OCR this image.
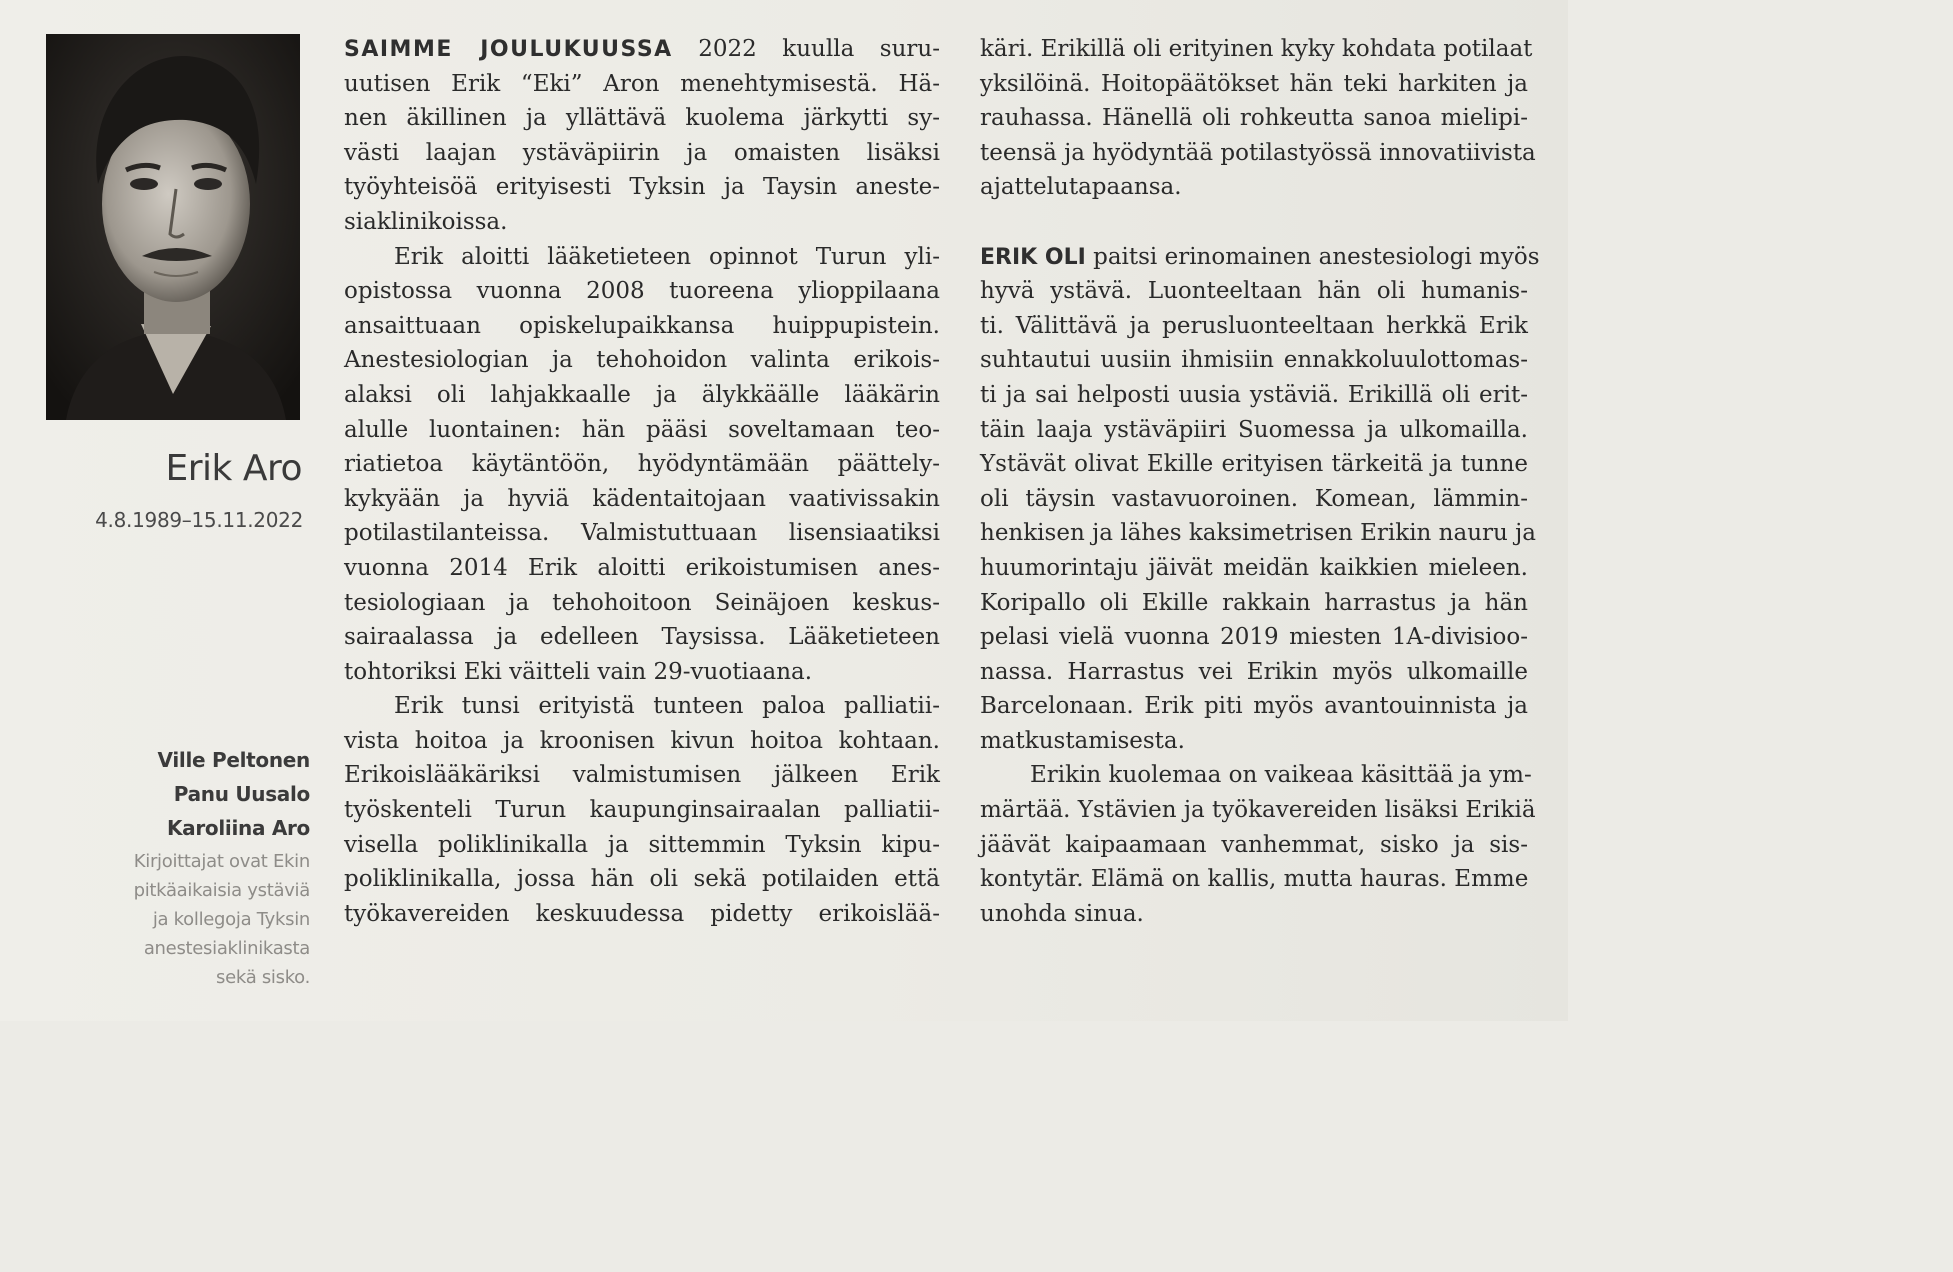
Erik Aro
4.8.1989–15.11.2022
Ville Peltonen
Panu Uusalo
Karoliina Aro
Kirjoittajat ovat Ekin
pitkäaikaisia ystäviä
ja kollegoja Tyksin
anestesiaklinikasta
sekä sisko.
SAIMME JOULUKUUSSA 2022 kuulla suru-
uutisen Erik “Eki” Aron menehtymisestä. Hä-
nen äkillinen ja yllättävä kuolema järkytti sy-
västi laajan ystäväpiirin ja omaisten lisäksi
työyhteisöä erityisesti Tyksin ja Taysin aneste-
siaklinikoissa.
Erik aloitti lääketieteen opinnot Turun yli-
opistossa vuonna 2008 tuoreena ylioppilaana
ansaittuaan opiskelupaikkansa huippupistein.
Anestesiologian ja tehohoidon valinta erikois-
alaksi oli lahjakkaalle ja älykkäälle lääkärin
alulle luontainen: hän pääsi soveltamaan teo-
riatietoa käytäntöön, hyödyntämään päättely-
kykyään ja hyviä kädentaitojaan vaativissakin
potilastilanteissa. Valmistuttuaan lisensiaatiksi
vuonna 2014 Erik aloitti erikoistumisen anes-
tesiologiaan ja tehohoitoon Seinäjoen keskus-
sairaalassa ja edelleen Taysissa. Lääketieteen
tohtoriksi Eki väitteli vain 29-vuotiaana.
Erik tunsi erityistä tunteen paloa palliatii-
vista hoitoa ja kroonisen kivun hoitoa kohtaan.
Erikoislääkäriksi valmistumisen jälkeen Erik
työskenteli Turun kaupunginsairaalan palliatii-
visella poliklinikalla ja sittemmin Tyksin kipu-
poliklinikalla, jossa hän oli sekä potilaiden että
työkavereiden keskuudessa pidetty erikoislää-
käri. Erikillä oli erityinen kyky kohdata potilaat
yksilöinä. Hoitopäätökset hän teki harkiten ja
rauhassa. Hänellä oli rohkeutta sanoa mielipi-
teensä ja hyödyntää potilastyössä innovatiivista
ajattelutapaansa.
ERIK OLI paitsi erinomainen anestesiologi myös
hyvä ystävä. Luonteeltaan hän oli humanis-
ti. Välittävä ja perusluonteeltaan herkkä Erik
suhtautui uusiin ihmisiin ennakkoluulottomas-
ti ja sai helposti uusia ystäviä. Erikillä oli erit-
täin laaja ystäväpiiri Suomessa ja ulkomailla.
Ystävät olivat Ekille erityisen tärkeitä ja tunne
oli täysin vastavuoroinen. Komean, lämmin-
henkisen ja lähes kaksimetrisen Erikin nauru ja
huumorintaju jäivät meidän kaikkien mieleen.
Koripallo oli Ekille rakkain harrastus ja hän
pelasi vielä vuonna 2019 miesten 1A-divisioo-
nassa. Harrastus vei Erikin myös ulkomaille
Barcelonaan. Erik piti myös avantouinnista ja
matkustamisesta.
Erikin kuolemaa on vaikeaa käsittää ja ym-
märtää. Ystävien ja työkavereiden lisäksi Erikiä
jäävät kaipaamaan vanhemmat, sisko ja sis-
kontytär. Elämä on kallis, mutta hauras. Emme
unohda sinua.
